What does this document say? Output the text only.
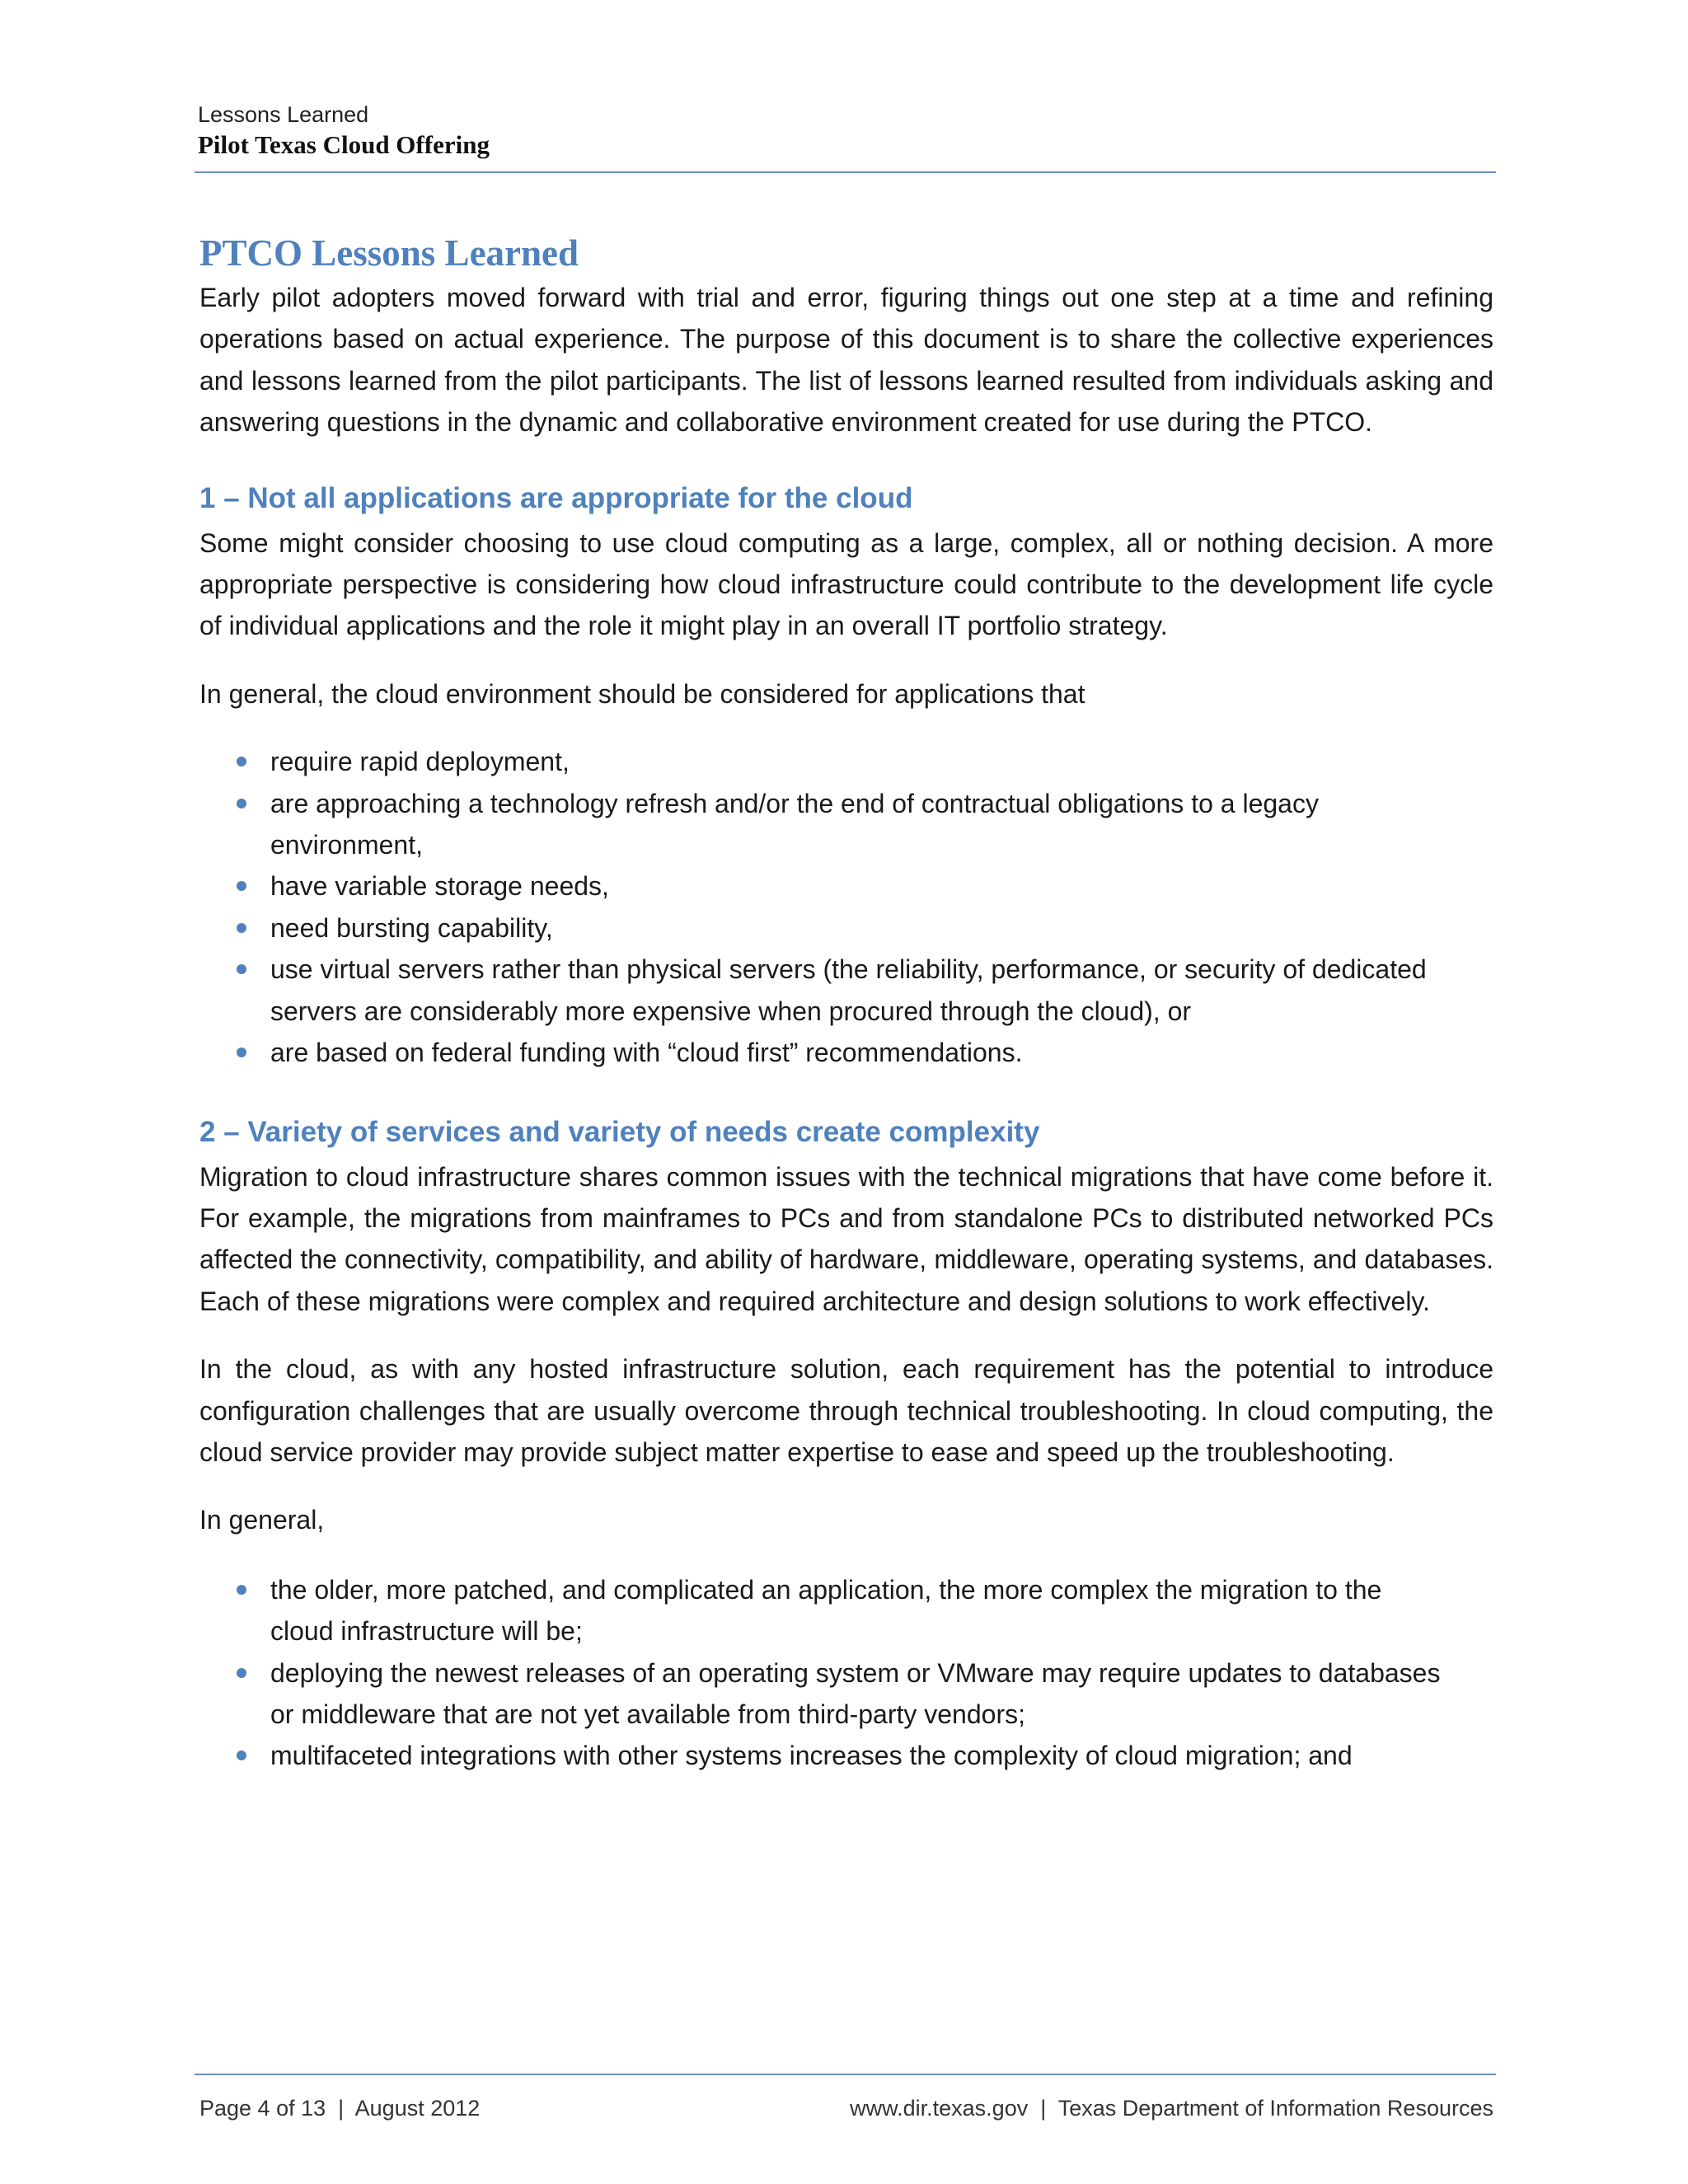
Lessons Learned
Pilot Texas Cloud Offering
PTCO Lessons Learned

Early pilot adopters moved forward with trial and error, figuring things out one step at a time and refining operations based on actual experience. The purpose of this document is to share the collective experiences and lessons learned from the pilot participants. The list of lessons learned resulted from individuals asking and answering questions in the dynamic and collaborative environment created for use during the PTCO.

1 – Not all applications are appropriate for the cloud

Some might consider choosing to use cloud computing as a large, complex, all or nothing decision. A more appropriate perspective is considering how cloud infrastructure could contribute to the development life cycle of individual applications and the role it might play in an overall IT portfolio strategy.

In general, the cloud environment should be considered for applications that

require rapid deployment,
are approaching a technology refresh and/or the end of contractual obligations to a legacy environment,
have variable storage needs,
need bursting capability,
use virtual servers rather than physical servers (the reliability, performance, or security of dedicated servers are considerably more expensive when procured through the cloud), or
are based on federal funding with “cloud first” recommendations.
2 – Variety of services and variety of needs create complexity

Migration to cloud infrastructure shares common issues with the technical migrations that have come before it. For example, the migrations from mainframes to PCs and from standalone PCs to distributed networked PCs affected the connectivity, compatibility, and ability of hardware, middleware, operating systems, and databases. Each of these migrations were complex and required architecture and design solutions to work effectively.

In the cloud, as with any hosted infrastructure solution, each requirement has the potential to introduce configuration challenges that are usually overcome through technical troubleshooting. In cloud computing, the cloud service provider may provide subject matter expertise to ease and speed up the troubleshooting.

In general,

the older, more patched, and complicated an application, the more complex the migration to the cloud infrastructure will be;
deploying the newest releases of an operating system or VMware may require updates to databases or middleware that are not yet available from third-party vendors;
multifaceted integrations with other systems increases the complexity of cloud migration; and
Page 4 of 13  |  August 2012	www.dir.texas.gov  |  Texas Department of Information Resources
